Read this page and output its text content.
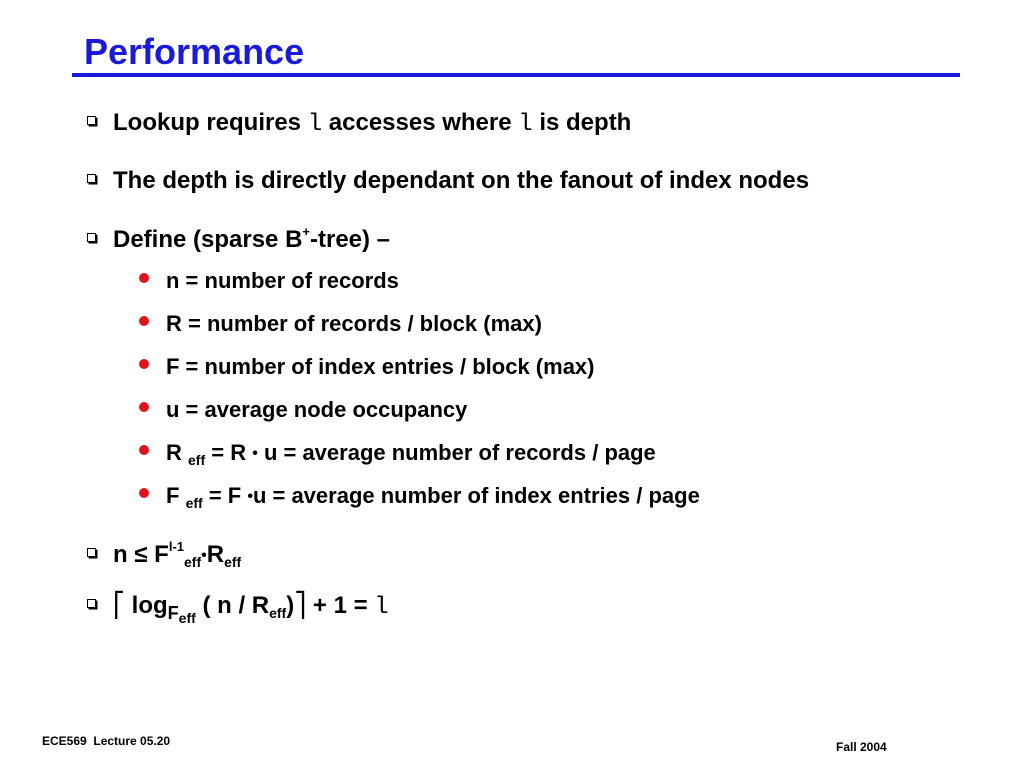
Performance
Lookup requires l accesses where l is depth
The depth is directly dependant on the fanout of index nodes
Define (sparse B+-tree) –
n = number of records
R = number of records / block (max)
F = number of index entries / block (max)
u = average node occupancy
R $_{eff}$ = R • u = average number of records / page
F $_{eff}$ = F •u = average number of index entries / page
$n \le F^{l-1}_{eff}•R_{eff}$
⎡ $\log_{Feff}$ ( $n / R_{eff})⎤ + 1 = l$
ECE569  Lecture 05.20	Fall 2004
